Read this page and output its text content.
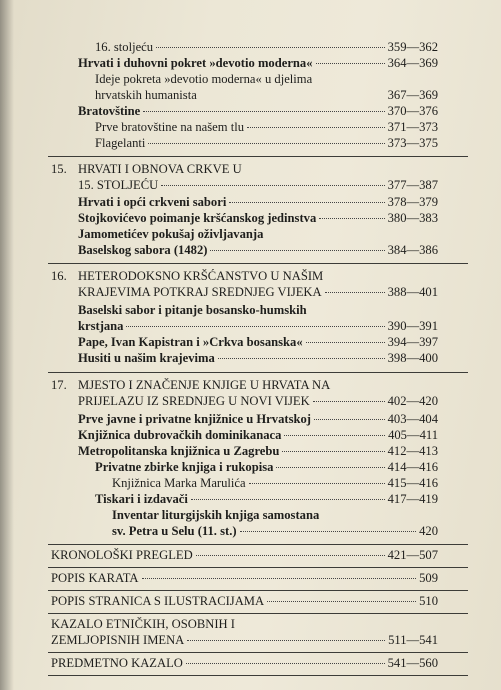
16. stoljeću	359—362
Hrvati i duhovni pokret »devotio moderna«	364—369
Ideje pokreta »devotio moderna« u djelima
hrvatskih humanista	367—369
Bratovštine	370—376
Prve bratovštine na našem tlu	371—373
Flagelanti	373—375
15. HRVATI I OBNOVA CRKVE U
15. STOLJEĆU	377—387
Hrvati i opći crkveni sabori	378—379
Stojkovićevo poimanje kršćanskog jedinstva	380—383
Jamometićev pokušaj oživljavanja
Baselskog sabora (1482)	384—386
16. HETERODOKSNO KRŠĆANSTVO U NAŠIM
KRAJEVIMA POTKRAJ SREDNJEG VIJEKA	388—401
Baselski sabor i pitanje bosansko-humskih
krstjana	390—391
Pape, Ivan Kapistran i »Crkva bosanska«	394—397
Husiti u našim krajevima	398—400
17. MJESTO I ZNAČENJE KNJIGE U HRVATA NA
PRIJELAZU IZ SREDNJEG U NOVI VIJEK	402—420
Prve javne i privatne knjižnice u Hrvatskoj	403—404
Knjižnica dubrovačkih dominikanaca	405—411
Metropolitanska knjižnica u Zagrebu	412—413
Privatne zbirke knjiga i rukopisa	414—416
Knjižnica Marka Marulića	415—416
Tiskari i izdavači	417—419
Inventar liturgijskih knjiga samostana
sv. Petra u Selu (11. st.)	420
KRONOLOŠKI PREGLED	421—507
POPIS KARATA	509
POPIS STRANICA S ILUSTRACIJAMA	510
KAZALO ETNIČKIH, OSOBNIH I
ZEMLJOPISNIH IMENA	511—541
PREDMETNO KAZALO	541—560
